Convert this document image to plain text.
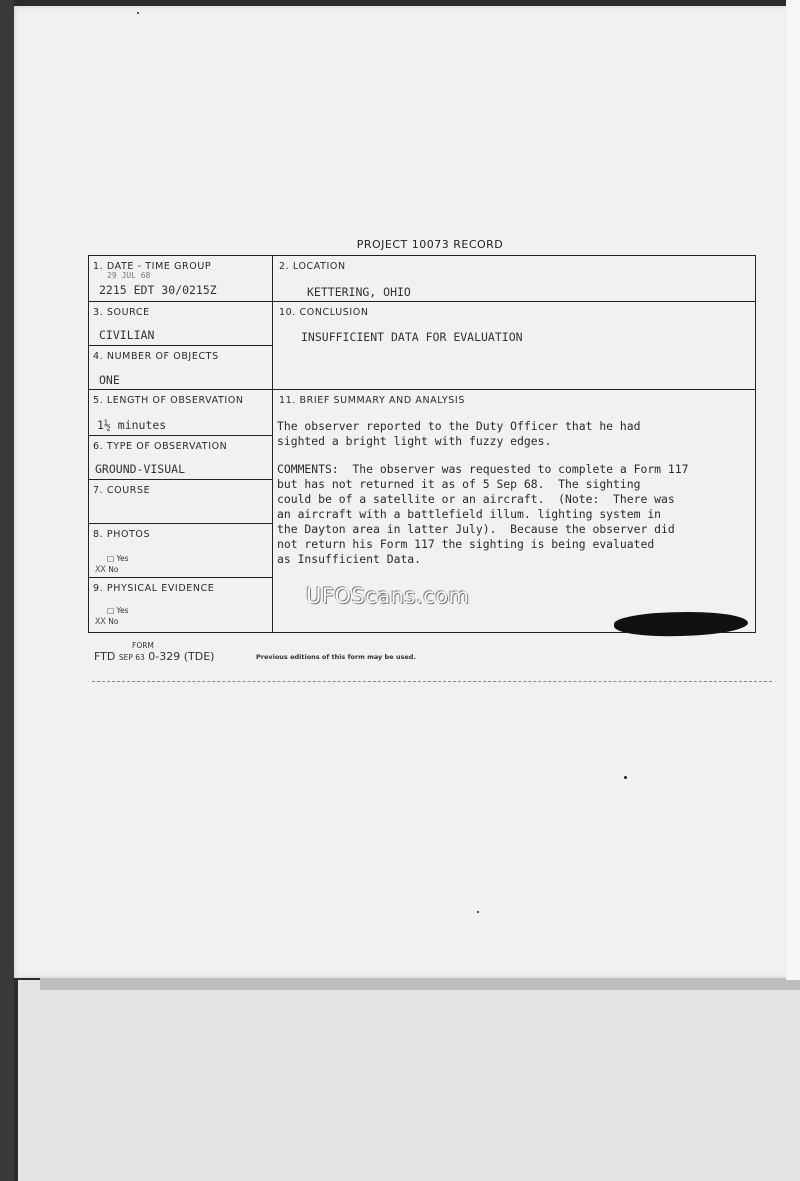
PROJECT 10073 RECORD
1. DATE - TIME GROUP
29 JUL 68
2215 EDT 30/0215Z
2. LOCATION
KETTERING, OHIO
3. SOURCE
CIVILIAN
4. NUMBER OF OBJECTS
ONE
5. LENGTH OF OBSERVATION
1½ minutes
6. TYPE OF OBSERVATION
GROUND-VISUAL
7. COURSE
8. PHOTOS
□ Yes
XX No
9. PHYSICAL EVIDENCE
□ Yes
XX No
10. CONCLUSION
INSUFFICIENT DATA FOR EVALUATION
11. BRIEF SUMMARY AND ANALYSIS
The observer reported to the Duty Officer that he had
sighted a bright light with fuzzy edges.
COMMENTS:  The observer was requested to complete a Form 117
but has not returned it as of 5 Sep 68.  The sighting
could be of a satellite or an aircraft.  (Note:  There was
an aircraft with a battlefield illum. lighting system in
the Dayton area in latter July).  Because the observer did
not return his Form 117 the sighting is being evaluated
as Insufficient Data.
FORM
FTD SEP 63 0-329 (TDE)	Previous editions of this form may be used.
UFOScans.com
